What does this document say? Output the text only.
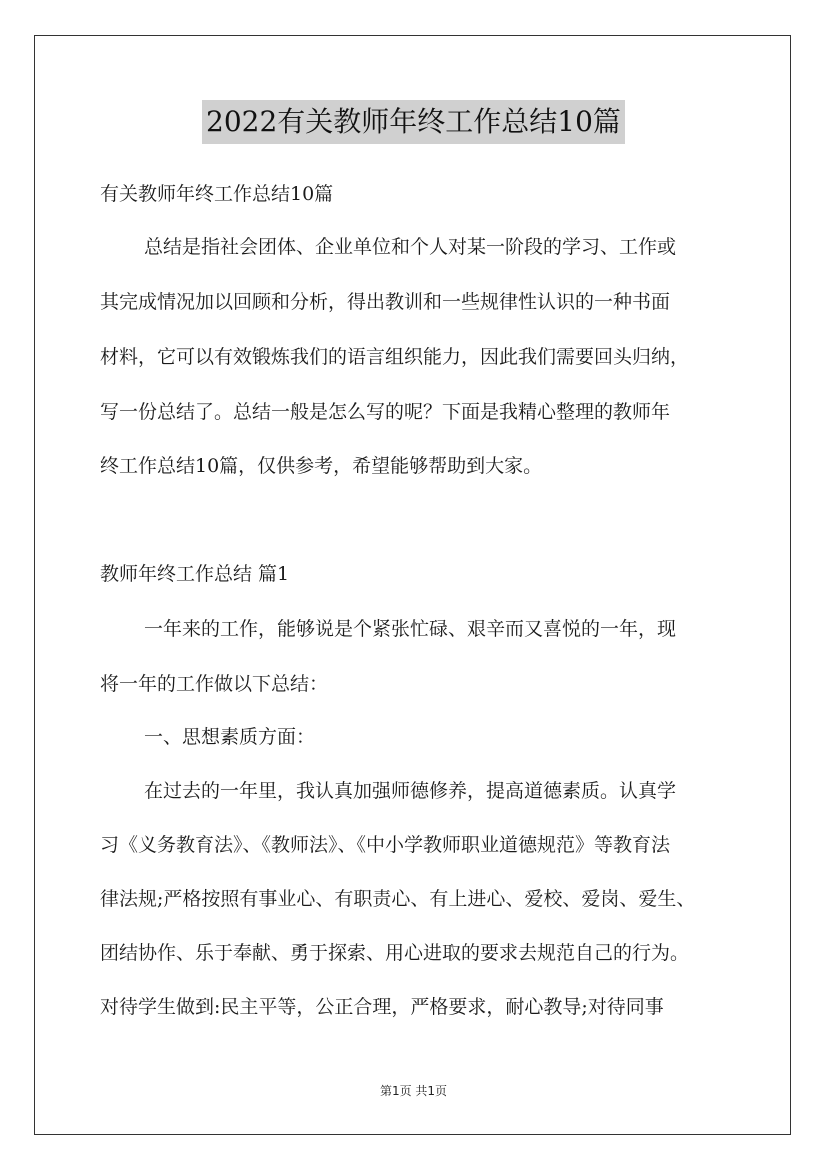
2022有关教师年终工作总结10篇
有关教师年终工作总结10篇
总结是指社会团体、企业单位和个人对某一阶段的学习、工作或
其完成情况加以回顾和分析，得出教训和一些规律性认识的一种书面
材料，它可以有效锻炼我们的语言组织能力，因此我们需要回头归纳，
写一份总结了。总结一般是怎么写的呢？下面是我精心整理的教师年
终工作总结10篇，仅供参考，希望能够帮助到大家。
教师年终工作总结 篇1
一年来的工作，能够说是个紧张忙碌、艰辛而又喜悦的一年，现
将一年的工作做以下总结：
一、思想素质方面：
在过去的一年里，我认真加强师德修养，提高道德素质。认真学
习《义务教育法》、《教师法》、《中小学教师职业道德规范》等教育法
律法规;严格按照有事业心、有职责心、有上进心、爱校、爱岗、爱生、
团结协作、乐于奉献、勇于探索、用心进取的要求去规范自己的行为。
对待学生做到:民主平等，公正合理，严格要求，耐心教导;对待同事
第1页 共1页
